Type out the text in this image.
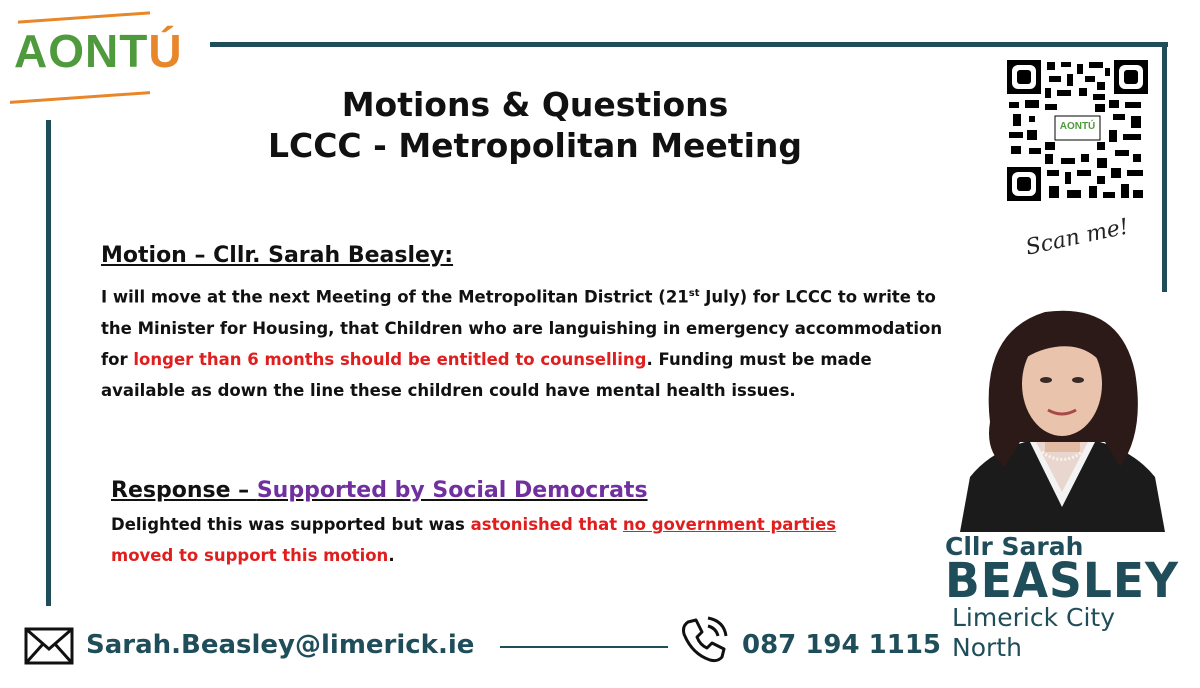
AONTÚ
Motions & Questions
LCCC - Metropolitan Meeting
Motion – Cllr. Sarah Beasley:
I will move at the next Meeting of the Metropolitan District (21st July) for LCCC to write to the Minister for Housing, that Children who are languishing in emergency accommodation for longer than 6 months should be entitled to counselling. Funding must be made available as down the line these children could have mental health issues.
Response – Supported by Social Democrats
Delighted this was supported but was astonished that no government parties moved to support this motion.
AONTÚ
Scan me!
Cllr Sarah
BEASLEY
Limerick City
North
Sarah.Beasley@limerick.ie	087 194 1115
